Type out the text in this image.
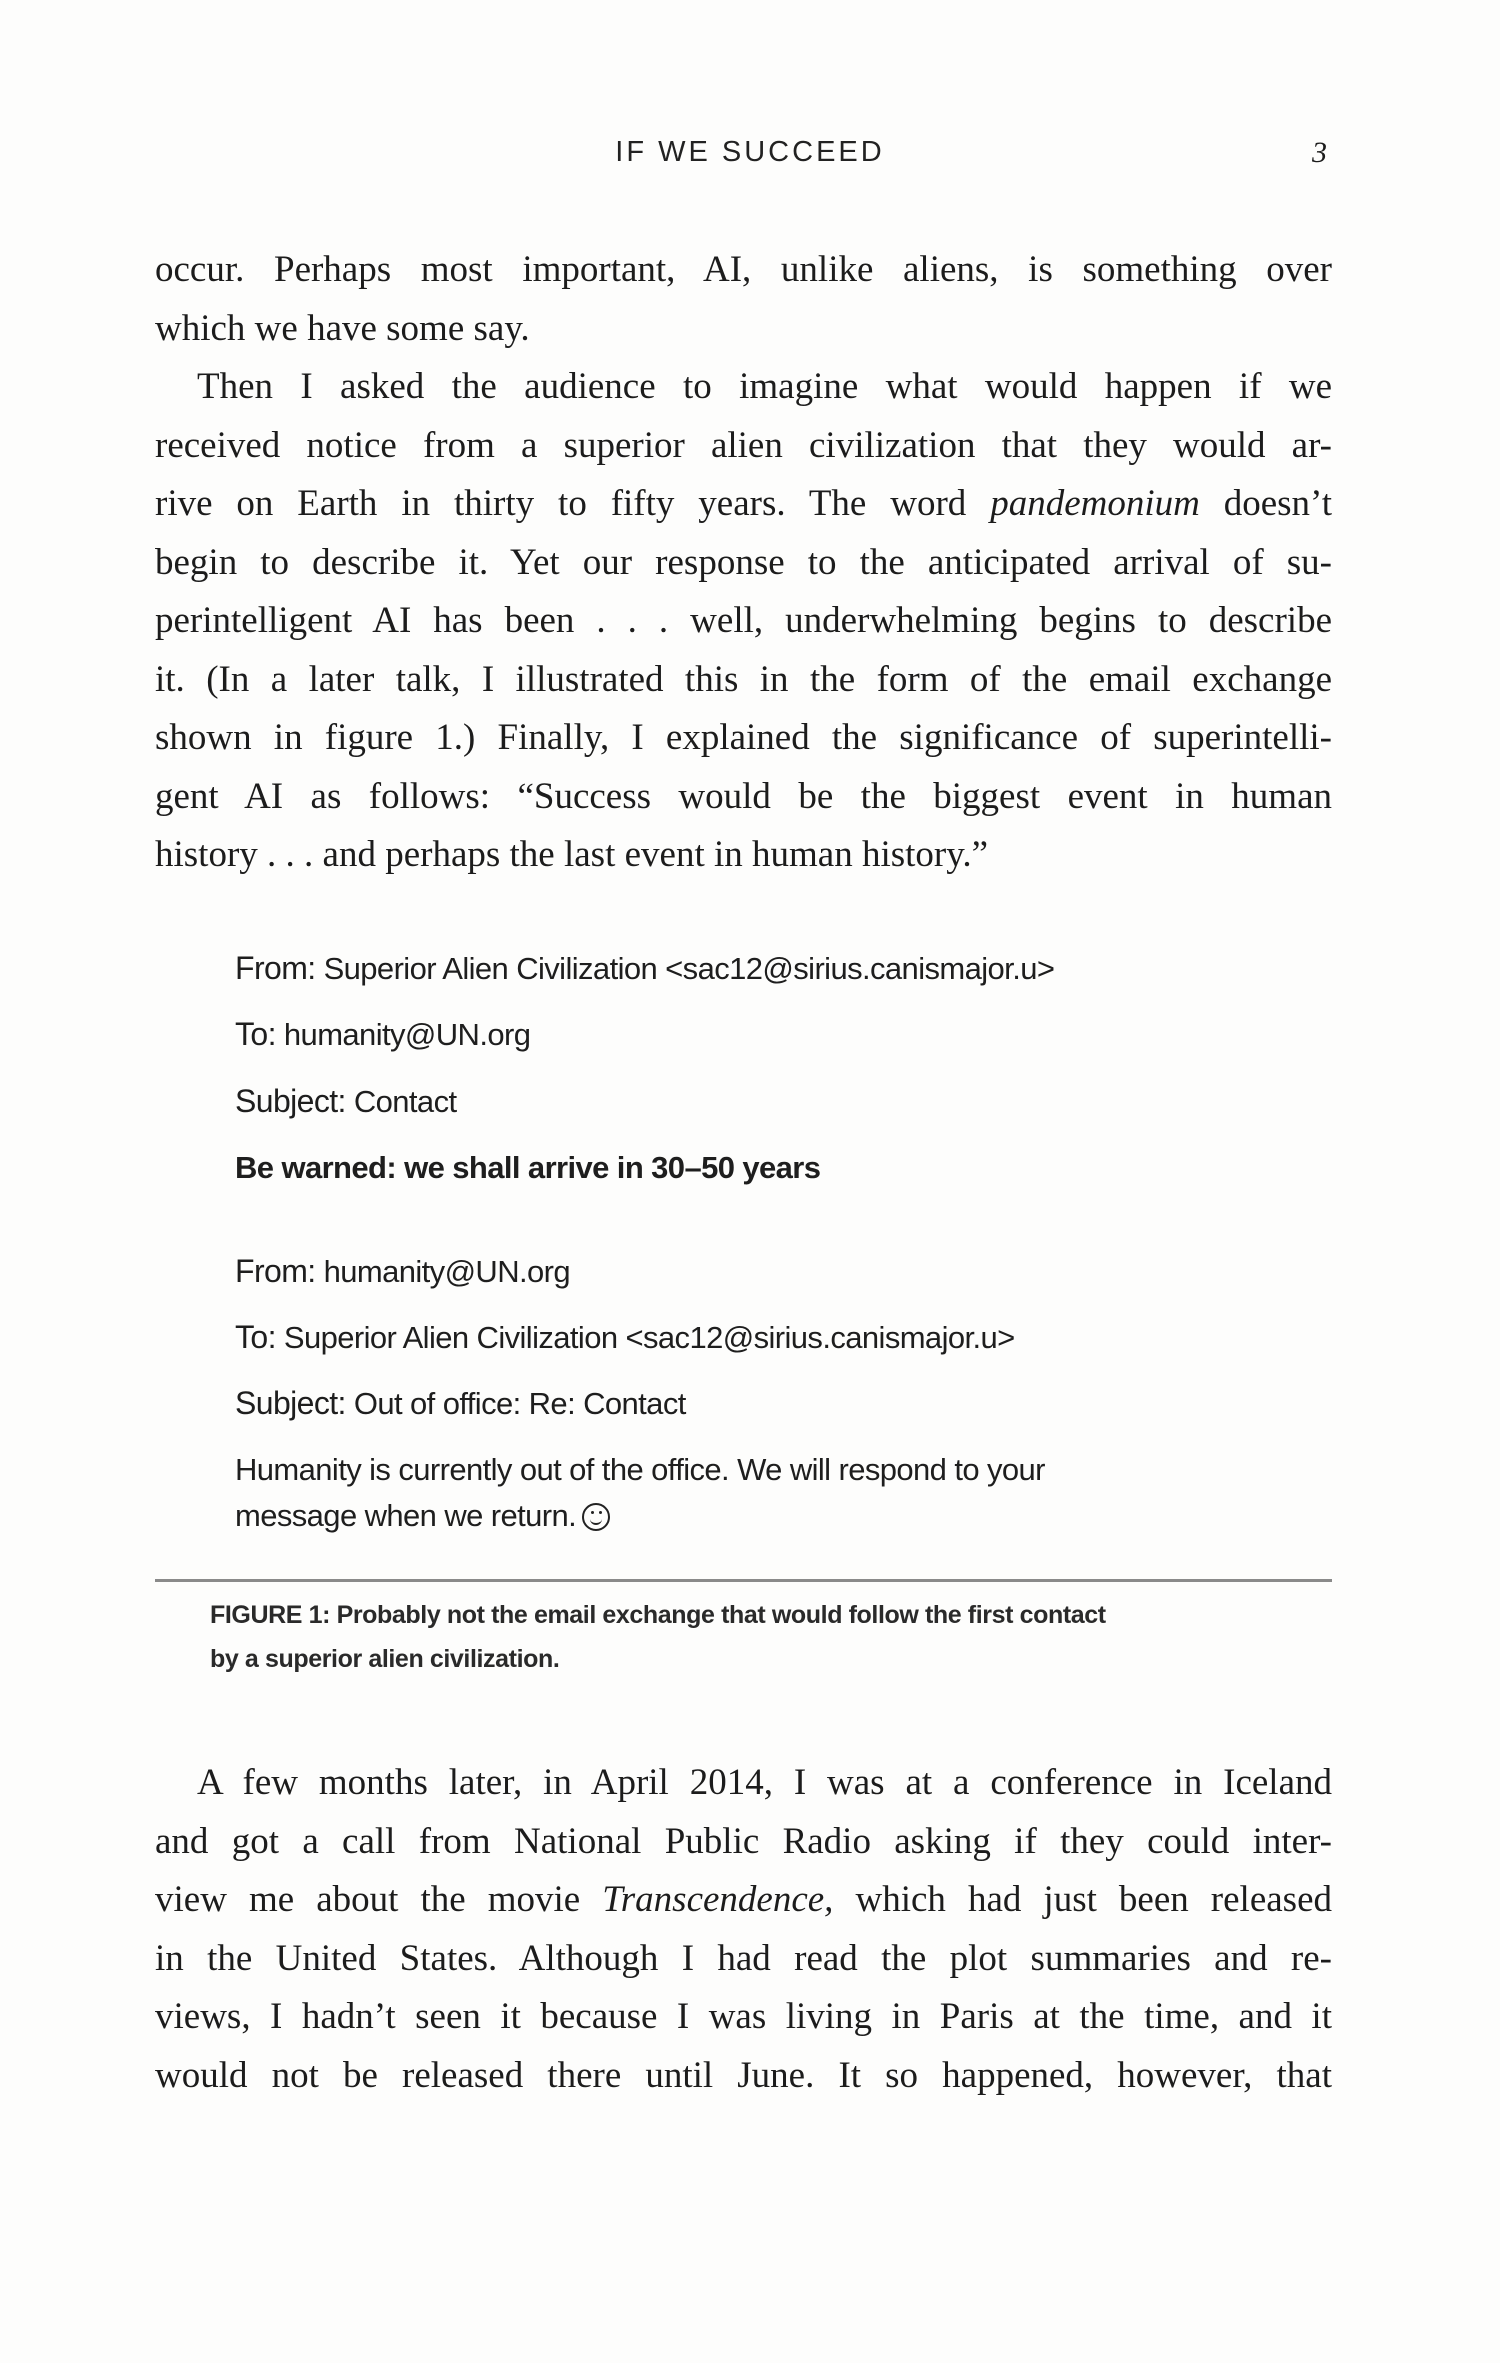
IF WE SUCCEED	3
occur. Perhaps most important, AI, unlike aliens, is something over
which we have some say.
Then I asked the audience to imagine what would happen if we
received notice from a superior alien civilization that they would ar-
rive on Earth in thirty to fifty years. The word pandemonium doesn’t
begin to describe it. Yet our response to the anticipated arrival of su-
perintelligent AI has been . . . well, underwhelming begins to describe
it. (In a later talk, I illustrated this in the form of the email exchange
shown in figure 1.) Finally, I explained the significance of superintelli-
gent AI as follows: “Success would be the biggest event in human
history . . . and perhaps the last event in human history.”
From: Superior Alien Civilization <sac12@sirius.canismajor.u>
To: humanity@UN.org
Subject: Contact
Be warned: we shall arrive in 30–50 years
From: humanity@UN.org
To: Superior Alien Civilization <sac12@sirius.canismajor.u>
Subject: Out of office: Re: Contact
Humanity is currently out of the office. We will respond to your
message when we return.
FIGURE 1: Probably not the email exchange that would follow the first contact
by a superior alien civilization.
A few months later, in April 2014, I was at a conference in Iceland
and got a call from National Public Radio asking if they could inter-
view me about the movie Transcendence, which had just been released
in the United States. Although I had read the plot summaries and re-
views, I hadn’t seen it because I was living in Paris at the time, and it
would not be released there until June. It so happened, however, that
